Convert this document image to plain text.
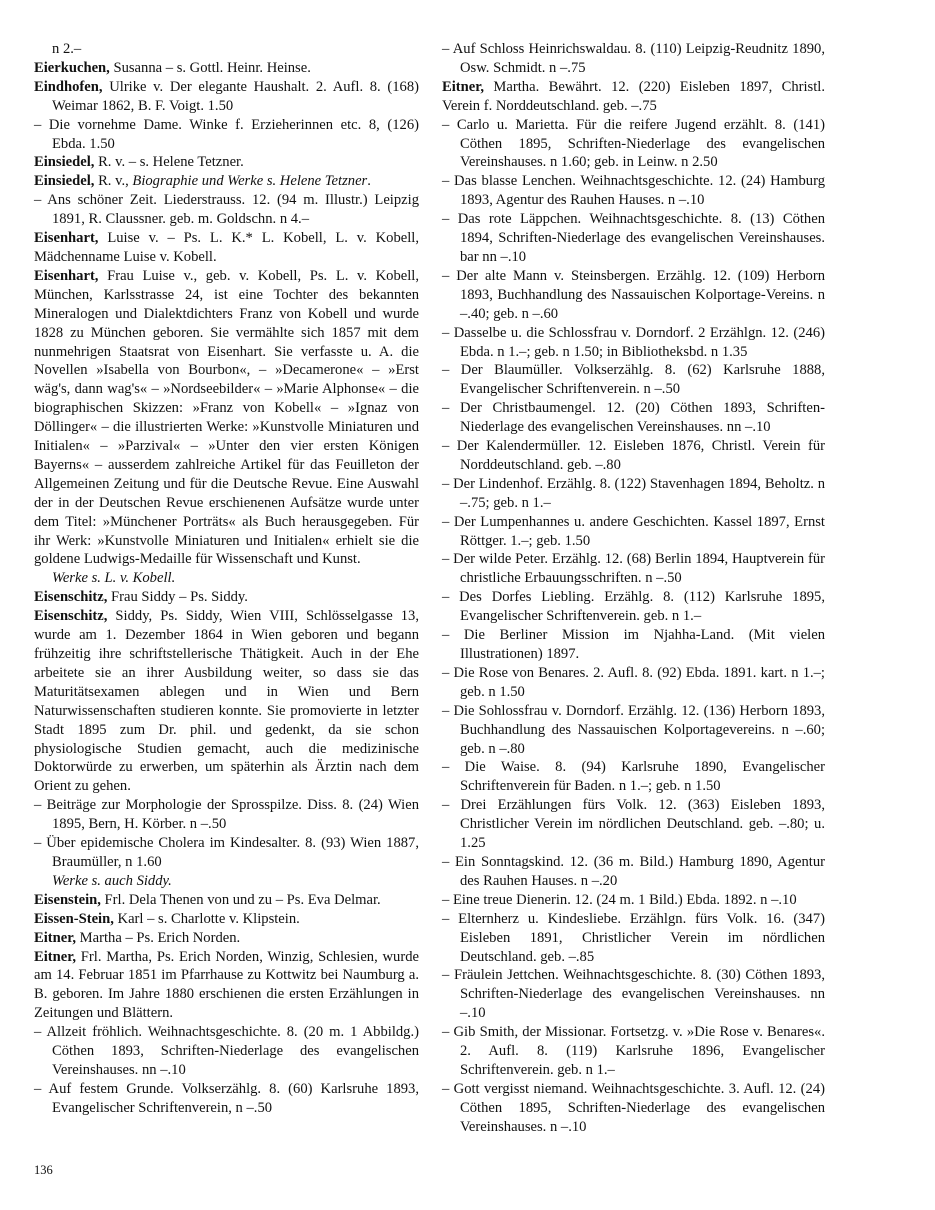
n 2.–

Eierkuchen, Susanna – s. Gottl. Heinr. Heinse.

Eindhofen, Ulrike v. Der elegante Haushalt. 2. Aufl. 8. (168) Weimar 1862, B. F. Voigt. 1.50

– Die vornehme Dame. Winke f. Erzieherinnen etc. 8, (126) Ebda. 1.50

Einsiedel, R. v. – s. Helene Tetzner.

Einsiedel, R. v., Biographie und Werke s. Helene Tetzner.

– Ans schöner Zeit. Liederstrauss. 12. (94 m. Illustr.) Leipzig 1891, R. Claussner. geb. m. Goldschn. n 4.–

Eisenhart, Luise v. – Ps. L. K.* L. Kobell, L. v. Kobell, Mädchenname Luise v. Kobell.

Eisenhart, Frau Luise v., geb. v. Kobell, Ps. L. v. Kobell, München, Karlsstrasse 24, ist eine Tochter des bekannten Mineralogen und Dialektdichters Franz von Kobell und wurde 1828 zu München geboren. Sie vermählte sich 1857 mit dem nunmehrigen Staatsrat von Eisenhart. Sie verfasste u. A. die Novellen »Isabella von Bourbon«, – »Decamerone« – »Erst wäg's, dann wag's« – »Nordseebilder« – »Marie Alphonse« – die biographischen Skizzen: »Franz von Kobell« – »Ignaz von Döllinger« – die illustrierten Werke: »Kunstvolle Miniaturen und Initialen« – »Parzival« – »Unter den vier ersten Königen Bayerns« – ausserdem zahlreiche Artikel für das Feuilleton der Allgemeinen Zeitung und für die Deutsche Revue. Eine Auswahl der in der Deutschen Revue erschienenen Aufsätze wurde unter dem Titel: »Münchener Porträts« als Buch herausgegeben. Für ihr Werk: »Kunstvolle Miniaturen und Initialen« erhielt sie die goldene Ludwigs-Medaille für Wissenschaft und Kunst.

Werke s. L. v. Kobell.

Eisenschitz, Frau Siddy – Ps. Siddy.

Eisenschitz, Siddy, Ps. Siddy, Wien VIII, Schlösselgasse 13, wurde am 1. Dezember 1864 in Wien geboren und begann frühzeitig ihre schriftstellerische Thätigkeit. Auch in der Ehe arbeitete sie an ihrer Ausbildung weiter, so dass sie das Maturitätsexamen ablegen und in Wien und Bern Naturwissenschaften studieren konnte. Sie promovierte in letzter Stadt 1895 zum Dr. phil. und gedenkt, da sie schon physiologische Studien gemacht, auch die medizinische Doktorwürde zu erwerben, um späterhin als Ärztin nach dem Orient zu gehen.

– Beiträge zur Morphologie der Sprosspilze. Diss. 8. (24) Wien 1895, Bern, H. Körber. n –.50

– Über epidemische Cholera im Kindesalter. 8. (93) Wien 1887, Braumüller, n 1.60

Werke s. auch Siddy.

Eisenstein, Frl. Dela Thenen von und zu – Ps. Eva Delmar.

Eissen-Stein, Karl – s. Charlotte v. Klipstein.

Eitner, Martha – Ps. Erich Norden.

Eitner, Frl. Martha, Ps. Erich Norden, Winzig, Schlesien, wurde am 14. Februar 1851 im Pfarrhause zu Kottwitz bei Naumburg a. B. geboren. Im Jahre 1880 erschienen die ersten Erzählungen in Zeitungen und Blättern.

– Allzeit fröhlich. Weihnachtsgeschichte. 8. (20 m. 1 Abbildg.) Cöthen 1893, Schriften-Niederlage des evangelischen Vereinshauses. nn –.10

– Auf festem Grunde. Volkserzählg. 8. (60) Karlsruhe 1893, Evangelischer Schriftenverein, n –.50

– Auf Schloss Heinrichswaldau. 8. (110) Leipzig-Reudnitz 1890, Osw. Schmidt. n –.75

Eitner, Martha. Bewährt. 12. (220) Eisleben 1897, Christl. Verein f. Norddeutschland. geb. –.75

– Carlo u. Marietta. Für die reifere Jugend erzählt. 8. (141) Cöthen 1895, Schriften-Niederlage des evangelischen Vereinshauses. n 1.60; geb. in Leinw. n 2.50

– Das blasse Lenchen. Weihnachtsgeschichte. 12. (24) Hamburg 1893, Agentur des Rauhen Hauses. n –.10

– Das rote Läppchen. Weihnachtsgeschichte. 8. (13) Cöthen 1894, Schriften-Niederlage des evangelischen Vereinshauses. bar nn –.10

– Der alte Mann v. Steinsbergen. Erzählg. 12. (109) Herborn 1893, Buchhandlung des Nassauischen Kolportage-Vereins. n –.40; geb. n –.60

– Dasselbe u. die Schlossfrau v. Dorndorf. 2 Erzählgn. 12. (246) Ebda. n 1.–; geb. n 1.50; in Bibliotheksbd. n 1.35

– Der Blaumüller. Volkserzählg. 8. (62) Karlsruhe 1888, Evangelischer Schriftenverein. n –.50

– Der Christbaumengel. 12. (20) Cöthen 1893, Schriften-Niederlage des evangelischen Vereinshauses. nn –.10

– Der Kalendermüller. 12. Eisleben 1876, Christl. Verein für Norddeutschland. geb. –.80

– Der Lindenhof. Erzählg. 8. (122) Stavenhagen 1894, Beholtz. n –.75; geb. n 1.–

– Der Lumpenhannes u. andere Geschichten. Kassel 1897, Ernst Röttger. 1.–; geb. 1.50

– Der wilde Peter. Erzählg. 12. (68) Berlin 1894, Hauptverein für christliche Erbauungsschriften. n –.50

– Des Dorfes Liebling. Erzählg. 8. (112) Karlsruhe 1895, Evangelischer Schriftenverein. geb. n 1.–

– Die Berliner Mission im Njahha-Land. (Mit vielen Illustrationen) 1897.

– Die Rose von Benares. 2. Aufl. 8. (92) Ebda. 1891. kart. n 1.–; geb. n 1.50

– Die Sohlossfrau v. Dorndorf. Erzählg. 12. (136) Herborn 1893, Buchhandlung des Nassauischen Kolportagevereins. n –.60; geb. n –.80

– Die Waise. 8. (94) Karlsruhe 1890, Evangelischer Schriftenverein für Baden. n 1.–; geb. n 1.50

– Drei Erzählungen fürs Volk. 12. (363) Eisleben 1893, Christlicher Verein im nördlichen Deutschland. geb. –.80; u. 1.25

– Ein Sonntagskind. 12. (36 m. Bild.) Hamburg 1890, Agentur des Rauhen Hauses. n –.20

– Eine treue Dienerin. 12. (24 m. 1 Bild.) Ebda. 1892. n –.10

– Elternherz u. Kindesliebe. Erzählgn. fürs Volk. 16. (347) Eisleben 1891, Christlicher Verein im nördlichen Deutschland. geb. –.85

– Fräulein Jettchen. Weihnachtsgeschichte. 8. (30) Cöthen 1893, Schriften-Niederlage des evangelischen Vereinshauses. nn –.10

– Gib Smith, der Missionar. Fortsetzg. v. »Die Rose v. Benares«. 2. Aufl. 8. (119) Karlsruhe 1896, Evangelischer Schriftenverein. geb. n 1.–

– Gott vergisst niemand. Weihnachtsgeschichte. 3. Aufl. 12. (24) Cöthen 1895, Schriften-Niederlage des evangelischen Vereinshauses. n –.10

136
